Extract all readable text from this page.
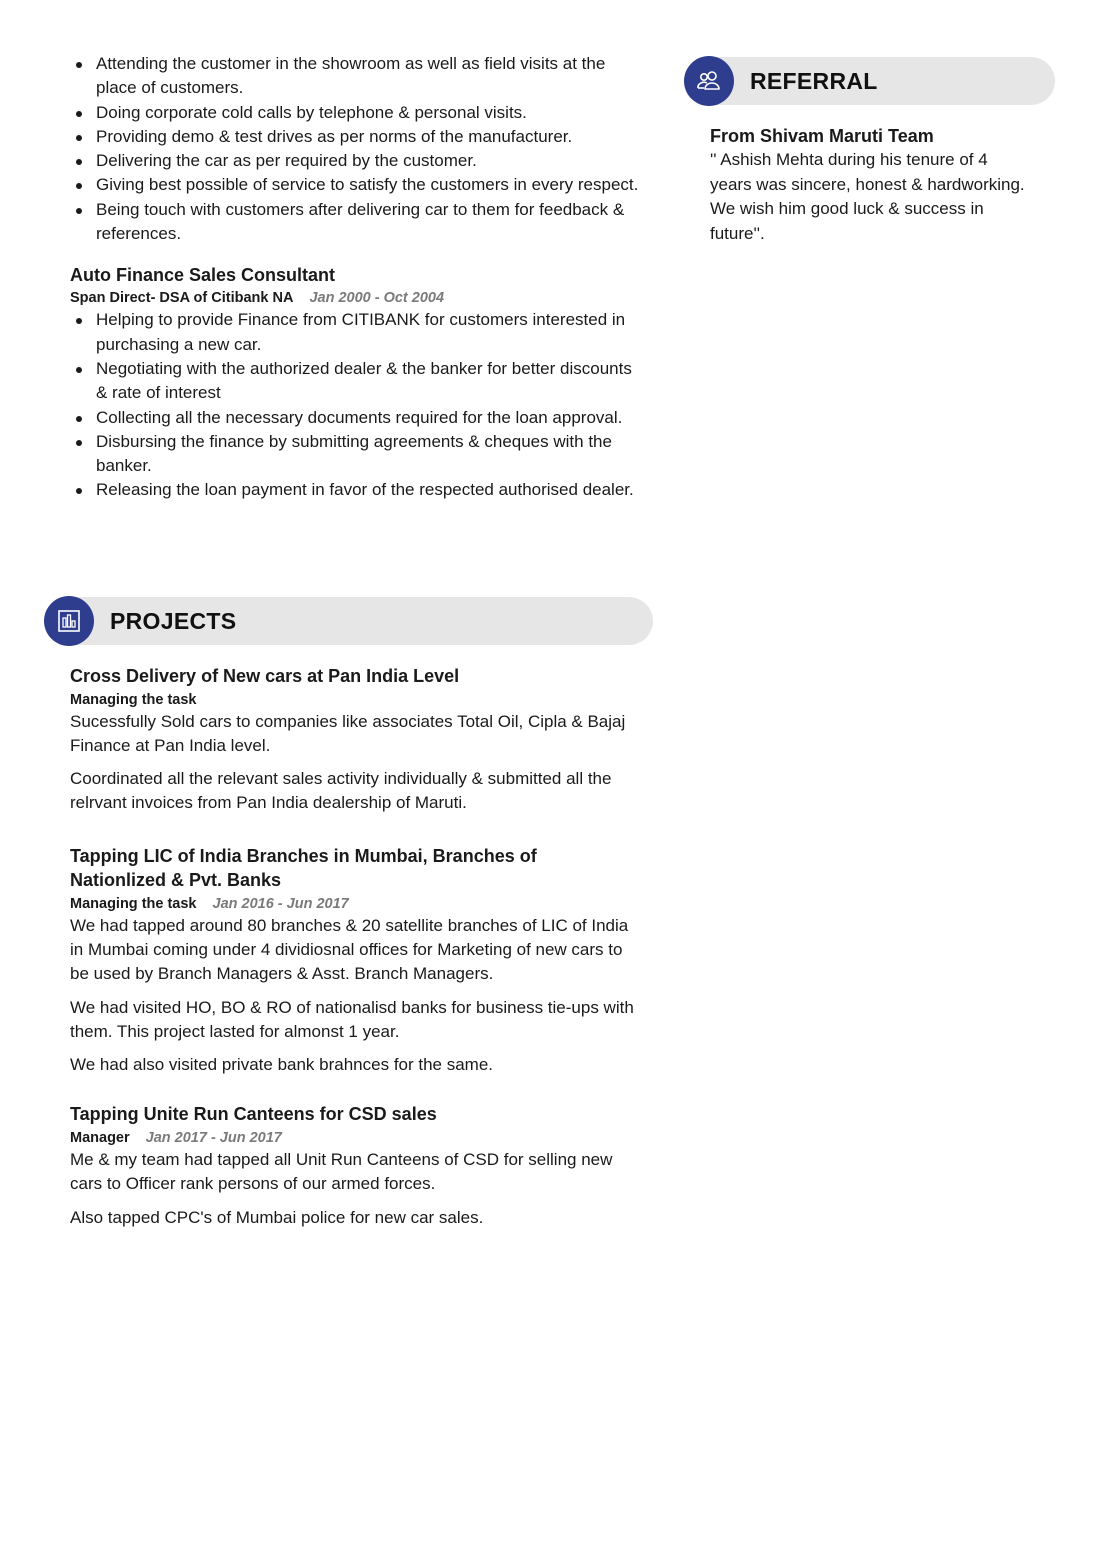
Attending the customer in the showroom as well as field visits at the place of customers.
Doing corporate cold calls by telephone & personal visits.
Providing demo & test drives as per norms of the manufacturer.
Delivering the car as per required by the customer.
Giving best possible of service to satisfy the customers in every respect.
Being touch with customers after delivering car to them for feedback & references.
Auto Finance Sales Consultant
Span Direct- DSA of Citibank NA Jan 2000 - Oct 2004
Helping to provide Finance from CITIBANK for customers interested in purchasing a new car.
Negotiating with the authorized dealer & the banker for better discounts & rate of interest
Collecting all the necessary documents required for the loan approval.
Disbursing the finance by submitting agreements & cheques with the banker.
Releasing the loan payment in favor of the respected authorised dealer.
PROJECTS
Cross Delivery of New cars at Pan India Level
Managing the task
Sucessfully Sold cars to companies like associates Total Oil, Cipla & Bajaj Finance at Pan India level.
Coordinated all the relevant sales activity individually & submitted all the relrvant invoices from Pan India dealership of Maruti.
Tapping LIC of India Branches in Mumbai, Branches of Nationlized & Pvt. Banks
Managing the task Jan 2016 - Jun 2017
We had tapped around 80 branches & 20 satellite branches of LIC of India in Mumbai coming under 4 dividiosnal offices for Marketing of new cars to be used by Branch Managers & Asst. Branch Managers.
We had visited HO, BO & RO of nationalisd banks for business tie-ups with them. This project lasted for almonst 1 year.
We had also visited private bank brahnces for the same.
Tapping Unite Run Canteens for CSD sales
Manager Jan 2017 - Jun 2017
Me & my team had tapped all Unit Run Canteens of CSD for selling new cars to Officer rank persons of our armed forces.
Also tapped CPC's of Mumbai police for new car sales.
REFERRAL
From Shivam Maruti Team
'' Ashish Mehta during his tenure of 4 years was sincere, honest & hardworking. We wish him good luck & success in future''.
